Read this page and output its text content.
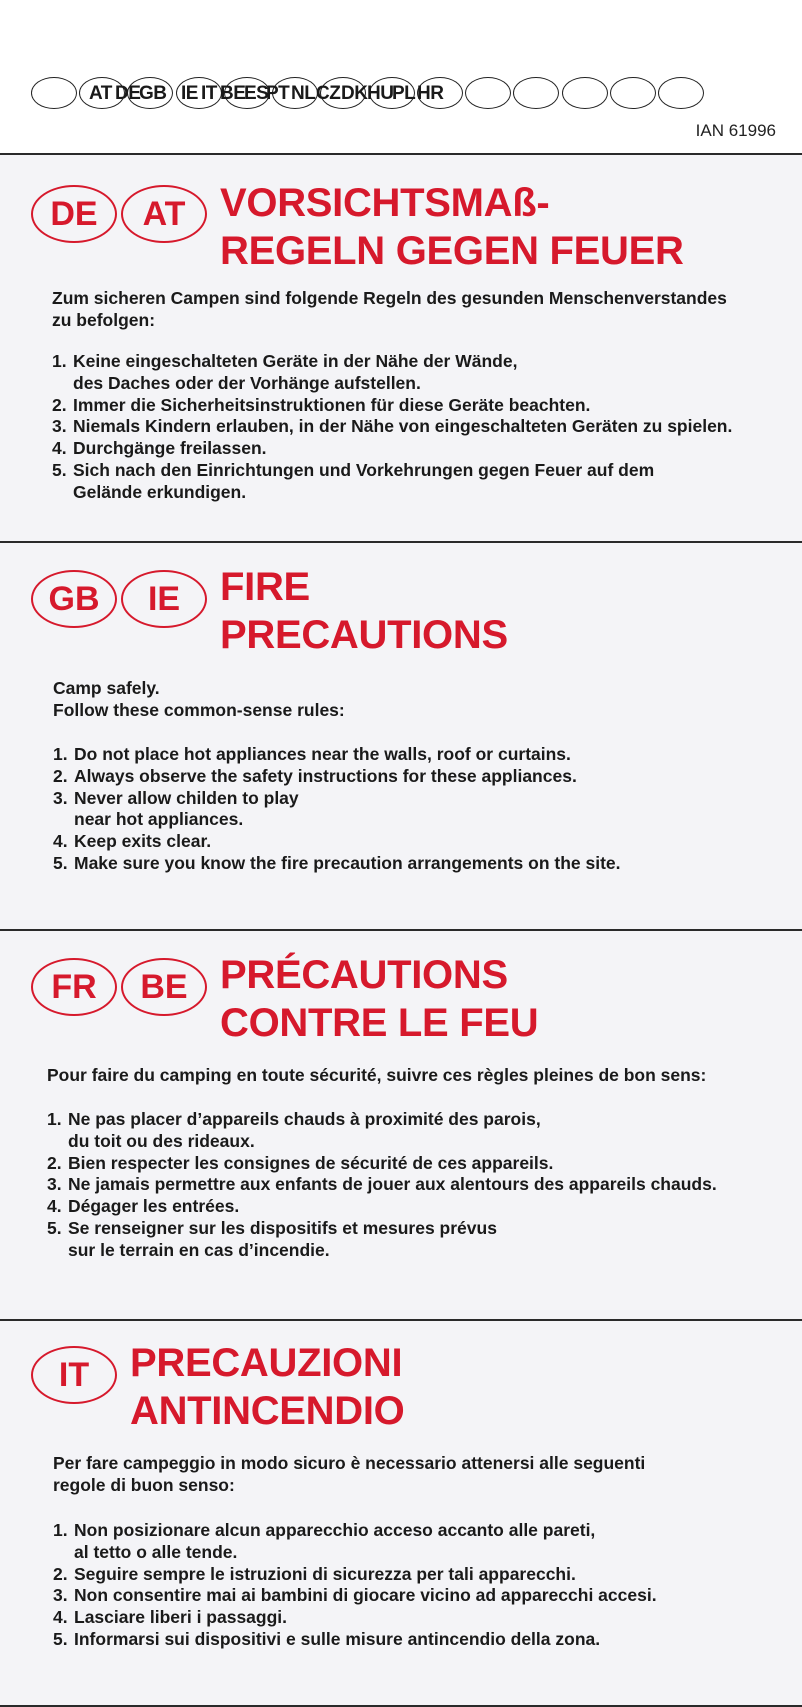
AT DE
GB IE IT BE
ES
PT NL CZ DK HU
PL HR
IAN 61996
DE AT VORSICHTSMAß-
REGELN GEGEN FEUER
Zum sicheren Campen sind folgende Regeln des gesunden Menschenverstandes
zu befolgen:
1. Keine eingeschalteten Geräte in der Nähe der Wände,
des Daches oder der Vorhänge aufstellen.
2. Immer die Sicherheitsinstruktionen für diese Geräte beachten.
3. Niemals Kindern erlauben, in der Nähe von eingeschalteten Geräten zu spielen.
4. Durchgänge freilassen.
5. Sich nach den Einrichtungen und Vorkehrungen gegen Feuer auf dem
Gelände erkundigen.
GB IE FIRE
PRECAUTIONS
Camp safely.
Follow these common-sense rules:
1. Do not place hot appliances near the walls, roof or curtains.
2. Always observe the safety instructions for these appliances.
3. Never allow childen to play
near hot appliances.
4. Keep exits clear.
5. Make sure you know the fire precaution arrangements on the site.
FR BE PRÉCAUTIONS
CONTRE LE FEU
Pour faire du camping en toute sécurité, suivre ces règles pleines de bon sens:
1. Ne pas placer d’appareils chauds à proximité des parois,
du toit ou des rideaux.
2. Bien respecter les consignes de sécurité de ces appareils.
3. Ne jamais permettre aux enfants de jouer aux alentours des appareils chauds.
4. Dégager les entrées.
5. Se renseigner sur les dispositifs et mesures prévus
sur le terrain en cas d’incendie.
IT PRECAUZIONI
ANTINCENDIO
Per fare campeggio in modo sicuro è necessario attenersi alle seguenti
regole di buon senso:
1. Non posizionare alcun apparecchio acceso accanto alle pareti,
al tetto o alle tende.
2. Seguire sempre le istruzioni di sicurezza per tali apparecchi.
3. Non consentire mai ai bambini di giocare vicino ad apparecchi accesi.
4. Lasciare liberi i passaggi.
5. Informarsi sui dispositivi e sulle misure antincendio della zona.
